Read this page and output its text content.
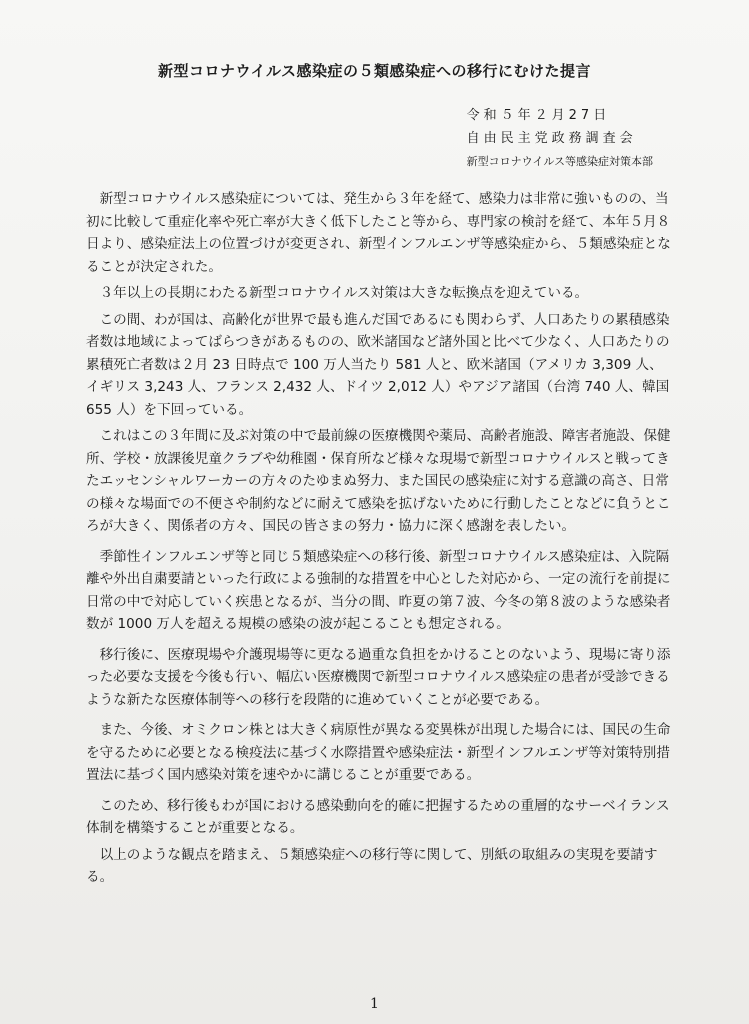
新型コロナウイルス感染症の５類感染症への移行にむけた提言
令和５年２月27日
自由民主党政務調査会
新型コロナウイルス等感染症対策本部

新型コロナウイルス感染症については、発生から３年を経て、感染力は非常に強いものの、当初に比較して重症化率や死亡率が大きく低下したこと等から、専門家の検討を経て、本年５月８日より、感染症法上の位置づけが変更され、新型インフルエンザ等感染症から、５類感染症となることが決定された。

３年以上の長期にわたる新型コロナウイルス対策は大きな転換点を迎えている。

この間、わが国は、高齢化が世界で最も進んだ国であるにも関わらず、人口あたりの累積感染者数は地域によってばらつきがあるものの、欧米諸国など諸外国と比べて少なく、人口あたりの累積死亡者数は２月 23 日時点で 100 万人当たり 581 人と、欧米諸国（アメリカ 3,309 人、イギリス 3,243 人、フランス 2,432 人、ドイツ 2,012 人）やアジア諸国（台湾 740 人、韓国 655 人）を下回っている。

これはこの３年間に及ぶ対策の中で最前線の医療機関や薬局、高齢者施設、障害者施設、保健所、学校・放課後児童クラブや幼稚園・保育所など様々な現場で新型コロナウイルスと戦ってきたエッセンシャルワーカーの方々のたゆまぬ努力、また国民の感染症に対する意識の高さ、日常の様々な場面での不便さや制約などに耐えて感染を拡げないために行動したことなどに負うところが大きく、関係者の方々、国民の皆さまの努力・協力に深く感謝を表したい。

季節性インフルエンザ等と同じ５類感染症への移行後、新型コロナウイルス感染症は、入院隔離や外出自粛要請といった行政による強制的な措置を中心とした対応から、一定の流行を前提に日常の中で対応していく疾患となるが、当分の間、昨夏の第７波、今冬の第８波のような感染者数が 1000 万人を超える規模の感染の波が起こることも想定される。

移行後に、医療現場や介護現場等に更なる過重な負担をかけることのないよう、現場に寄り添った必要な支援を今後も行い、幅広い医療機関で新型コロナウイルス感染症の患者が受診できるような新たな医療体制等への移行を段階的に進めていくことが必要である。

また、今後、オミクロン株とは大きく病原性が異なる変異株が出現した場合には、国民の生命を守るために必要となる検疫法に基づく水際措置や感染症法・新型インフルエンザ等対策特別措置法に基づく国内感染対策を速やかに講じることが重要である。

このため、移行後もわが国における感染動向を的確に把握するための重層的なサーベイランス体制を構築することが重要となる。

以上のような観点を踏まえ、５類感染症への移行等に関して、別紙の取組みの実現を要請する。

1
